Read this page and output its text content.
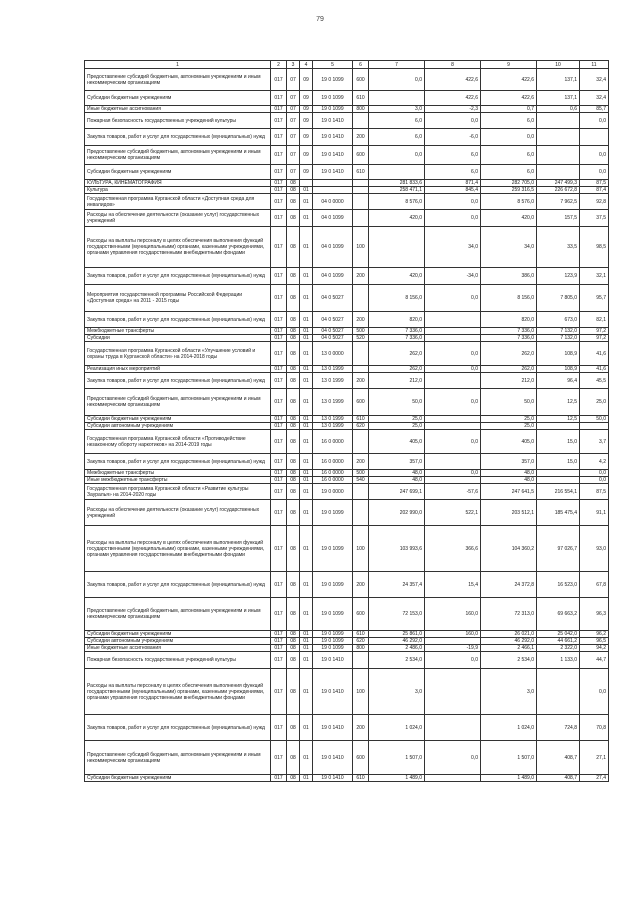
79
1	2	3	4	5	6	7	8	9	10	11
Предоставление субсидий бюджетным, автономным учреждениям и иным некоммерческим организациям	017	07	09	19 0 1099	600	0,0	422,6	422,6	137,1	32,4
Субсидии бюджетным учреждениям	017	07	09	19 0 1099	610		422,6	422,6	137,1	32,4
Иные бюджетные ассигнования	017	07	09	19 0 1099	800	3,0	-2,3	0,7	0,6	85,7
Пожарная безопасность государственных учреждений культуры	017	07	09	19 0 1410		6,0	0,0	6,0		0,0
Закупка товаров, работ и услуг для государственных (муниципальных) нужд	017	07	09	19 0 1410	200	6,0	-6,0	0,0		
Предоставление субсидий бюджетным, автономным учреждениям и иным некоммерческим организациям	017	07	09	19 0 1410	600	0,0	6,0	6,0		0,0
Субсидии бюджетным учреждениям	017	07	09	19 0 1410	610		6,0	6,0		0,0
КУЛЬТУРА, КИНЕМАТОГРАФИЯ	017	08				281 833,6	871,4	282 705,0	247 499,3	87,5
Культура	017	08	01			258 471,1	845,4	259 316,5	226 672,8	87,4
Государственная программа Курганской области «Доступная среда для инвалидов»	017	08	01	04 0 0000		8 576,0	0,0	8 576,0	7 962,5	92,8
Расходы на обеспечение деятельности (оказание услуг) государственных учреждений	017	08	01	04 0 1099		420,0	0,0	420,0	157,5	37,5
Расходы на выплаты персоналу в целях обеспечения выполнения функций государственными (муниципальными) органами, казенными учреждениями, органами управления государственными внебюджетными фондами	017	08	01	04 0 1099	100		34,0	34,0	33,5	98,5
Закупка товаров, работ и услуг для государственных (муниципальных) нужд	017	08	01	04 0 1099	200	420,0	-34,0	386,0	123,9	32,1
Мероприятия государственной программы Российской Федерации «Доступная среда» на 2011 - 2015 годы	017	08	01	04 0 5027		8 156,0	0,0	8 156,0	7 805,0	95,7
Закупка товаров, работ и услуг для государственных (муниципальных) нужд	017	08	01	04 0 5027	200	820,0		820,0	673,0	82,1
Межбюджетные трансферты	017	08	01	04 0 5027	500	7 336,0		7 336,0	7 132,0	97,2
Субсидии	017	08	01	04 0 5027	520	7 336,0		7 336,0	7 132,0	97,2
Государственная программа Курганской области «Улучшение условий и охраны труда в Курганской области» на 2014-2018 годы	017	08	01	13 0 0000		262,0	0,0	262,0	108,9	41,6
Реализация иных мероприятий	017	08	01	13 0 1999		262,0	0,0	262,0	108,9	41,6
Закупка товаров, работ и услуг для государственных (муниципальных) нужд	017	08	01	13 0 1999	200	212,0		212,0	96,4	45,5
Предоставление субсидий бюджетным, автономным учреждениям и иным некоммерческим организациям	017	08	01	13 0 1999	600	50,0	0,0	50,0	12,5	25,0
Субсидии бюджетным учреждениям	017	08	01	13 0 1999	610	25,0		25,0	12,5	50,0
Субсидии автономным учреждениям	017	08	01	13 0 1999	620	25,0		25,0		
Государственная программа Курганской области «Противодействие незаконному обороту наркотиков» на 2014-2019 годы	017	08	01	16 0 0000		405,0	0,0	405,0	15,0	3,7
Закупка товаров, работ и услуг для государственных (муниципальных) нужд	017	08	01	16 0 0000	200	357,0		357,0	15,0	4,2
Межбюджетные трансферты	017	08	01	16 0 0000	500	48,0	0,0	48,0		0,0
Иные межбюджетные трансферты	017	08	01	16 0 0000	540	48,0		48,0		0,0
Государственная программа Курганской области «Развитие культуры Зауралья» на 2014-2020 годы	017	08	01	19 0 0000		247 699,1	-57,6	247 641,5	216 554,1	87,5
Расходы на обеспечение деятельности (оказание услуг) государственных учреждений	017	08	01	19 0 1099		202 990,0	522,1	203 512,1	185 475,4	91,1
Расходы на выплаты персоналу в целях обеспечения выполнения функций государственными (муниципальными) органами, казенными учреждениями, органами управления государственными внебюджетными фондами	017	08	01	19 0 1099	100	103 993,6	366,6	104 360,2	97 026,7	93,0
Закупка товаров, работ и услуг для государственных (муниципальных) нужд	017	08	01	19 0 1099	200	24 357,4	15,4	24 372,8	16 523,0	67,8
Предоставление субсидий бюджетным, автономным учреждениям и иным некоммерческим организациям	017	08	01	19 0 1099	600	72 153,0	160,0	72 313,0	69 663,2	96,3
Субсидии бюджетным учреждениям	017	08	01	19 0 1099	610	25 861,0	160,0	26 021,0	25 042,0	96,2
Субсидии автономным учреждениям	017	08	01	19 0 1099	620	46 292,0		46 292,0	44 661,2	96,5
Иные бюджетные ассигнования	017	08	01	19 0 1099	800	2 486,0	-19,9	2 466,1	2 322,0	94,2
Пожарная безопасность государственных учреждений культуры	017	08	01	19 0 1410		2 534,0	0,0	2 534,0	1 133,0	44,7
Расходы на выплаты персоналу в целях обеспечения выполнения функций государственными (муниципальными) органами, казенными учреждениями, органами управления государственными внебюджетными фондами	017	08	01	19 0 1410	100	3,0		3,0		0,0
Закупка товаров, работ и услуг для государственных (муниципальных) нужд	017	08	01	19 0 1410	200	1 024,0		1 024,0	724,8	70,8
Предоставление субсидий бюджетным, автономным учреждениям и иным некоммерческим организациям	017	08	01	19 0 1410	600	1 507,0	0,0	1 507,0	408,7	27,1
Субсидии бюджетным учреждениям	017	08	01	19 0 1410	610	1 489,0		1 489,0	408,7	27,4
